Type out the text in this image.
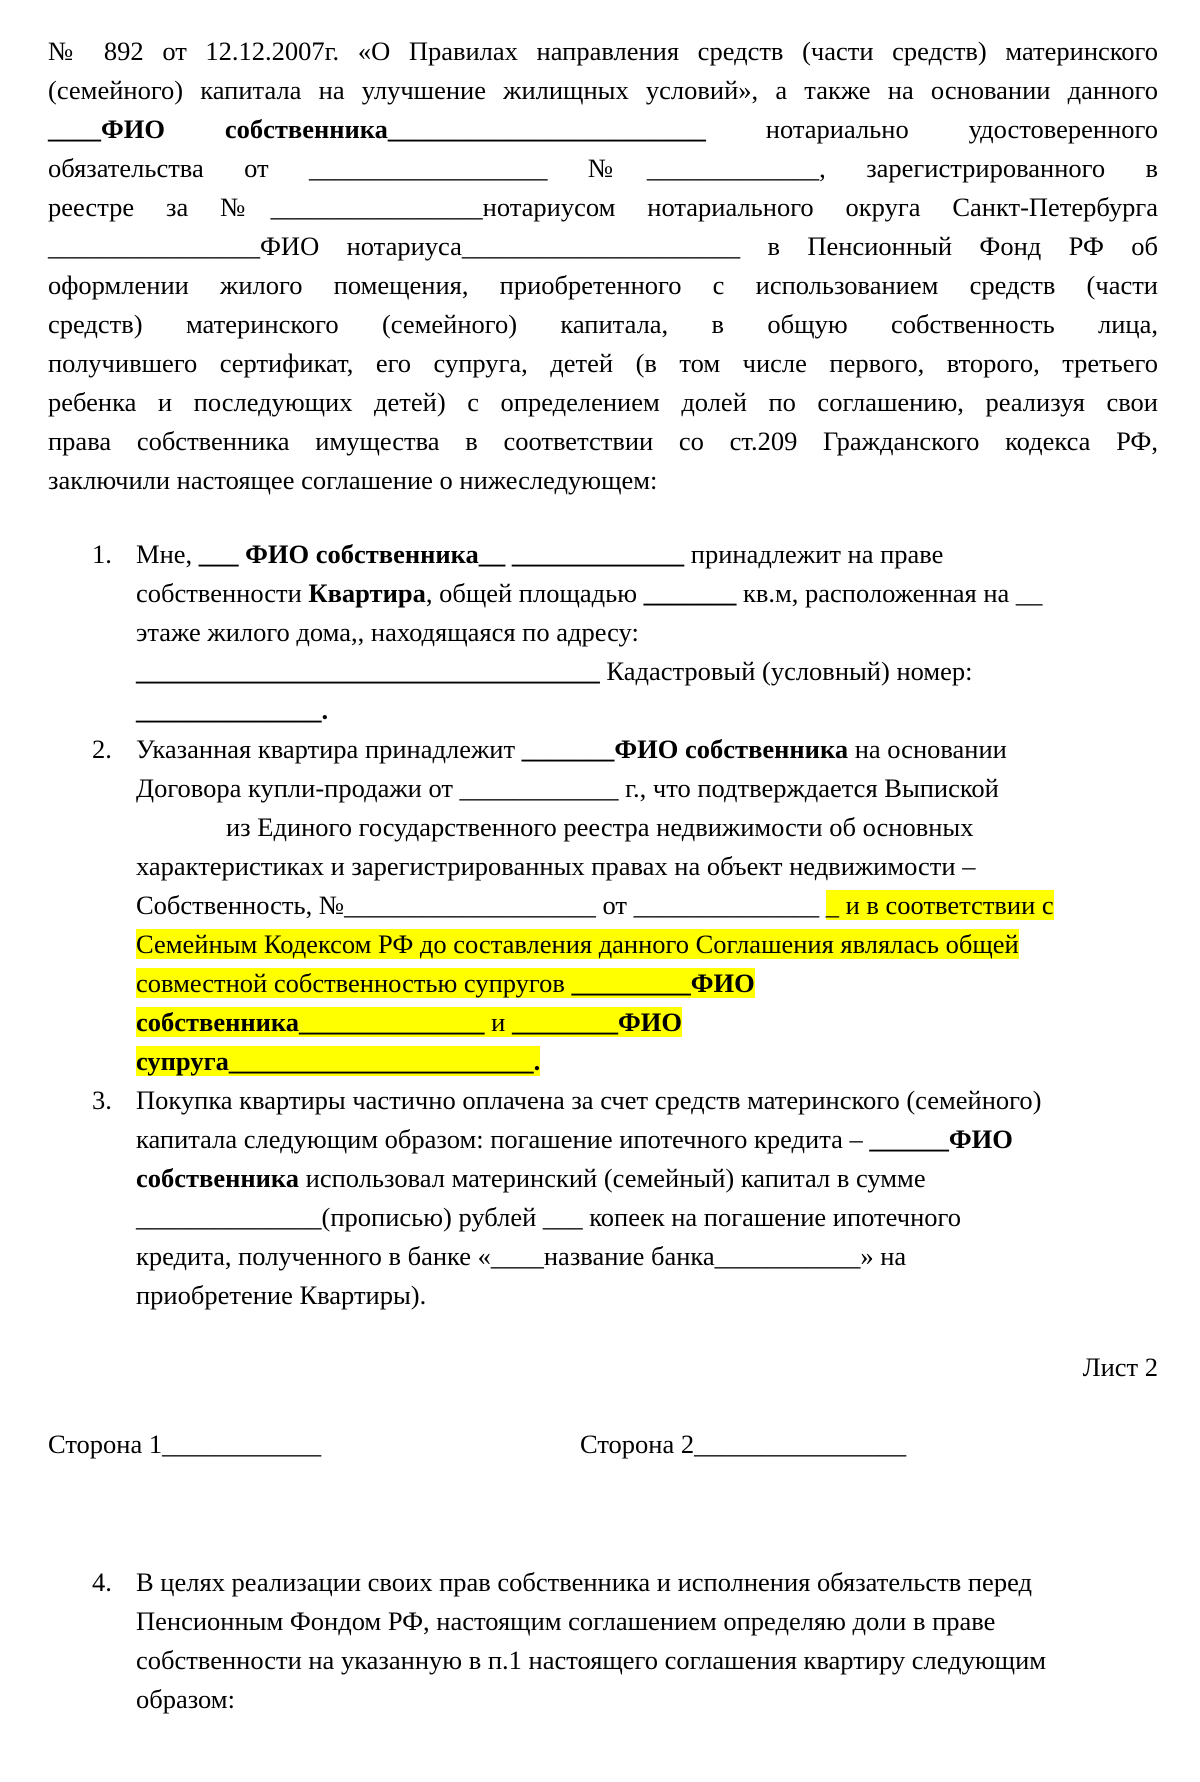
№ 892 от 12.12.2007г. «О Правилах направления средств (части средств) материнского
(семейного) капитала на улучшение жилищных условий», а также на основании данного
____ФИО собственника________________________ нотариально удостоверенного
обязательства от __________________ №_____________, зарегистрированного в
реестре за №________________нотариусом нотариального округа Санкт-Петербурга
________________ФИО нотариуса_____________________ в Пенсионный Фонд РФ об
оформлении жилого помещения, приобретенного с использованием средств (части
средств) материнского (семейного) капитала, в общую собственность лица,
получившего сертификат, его супруга, детей (в том числе первого, второго, третьего
ребенка и последующих детей) с определением долей по соглашению, реализуя свои
права собственника имущества в соответствии со ст.209 Гражданского кодекса РФ,
заключили настоящее соглашение о нижеследующем:
1. Мне, ___ ФИО собственника__ _____________ принадлежит на праве
собственности Квартира, общей площадью _______ кв.м, расположенная на __
этаже жилого дома,, находящаяся по адресу:
___________________________________ Кадастровый (условный) номер:
______________.
2. Указанная квартира принадлежит _______ФИО собственника на основании
Договора купли-продажи от ____________ г., что подтверждается Выпиской
из Единого государственного реестра недвижимости об основных
характеристиках и зарегистрированных правах на объект недвижимости –
Собственность, №___________________ от ______________ _ и в соответствии с
Семейным Кодексом РФ до составления данного Соглашения являлась общей
совместной собственностью супругов _________ФИО
собственника______________ и ________ФИО
супруга_______________________.
3. Покупка квартиры частично оплачена за счет средств материнского (семейного)
капитала следующим образом: погашение ипотечного кредита – ______ФИО
собственника использовал материнский (семейный) капитал в сумме
______________(прописью) рублей ___ копеек на погашение ипотечного
кредита, полученного в банке «____название банка___________» на
приобретение Квартиры).
Лист 2
Сторона 1____________	Сторона 2________________
4. В целях реализации своих прав собственника и исполнения обязательств перед
Пенсионным Фондом РФ, настоящим соглашением определяю доли в праве
собственности на указанную в п.1 настоящего соглашения квартиру следующим
образом:
